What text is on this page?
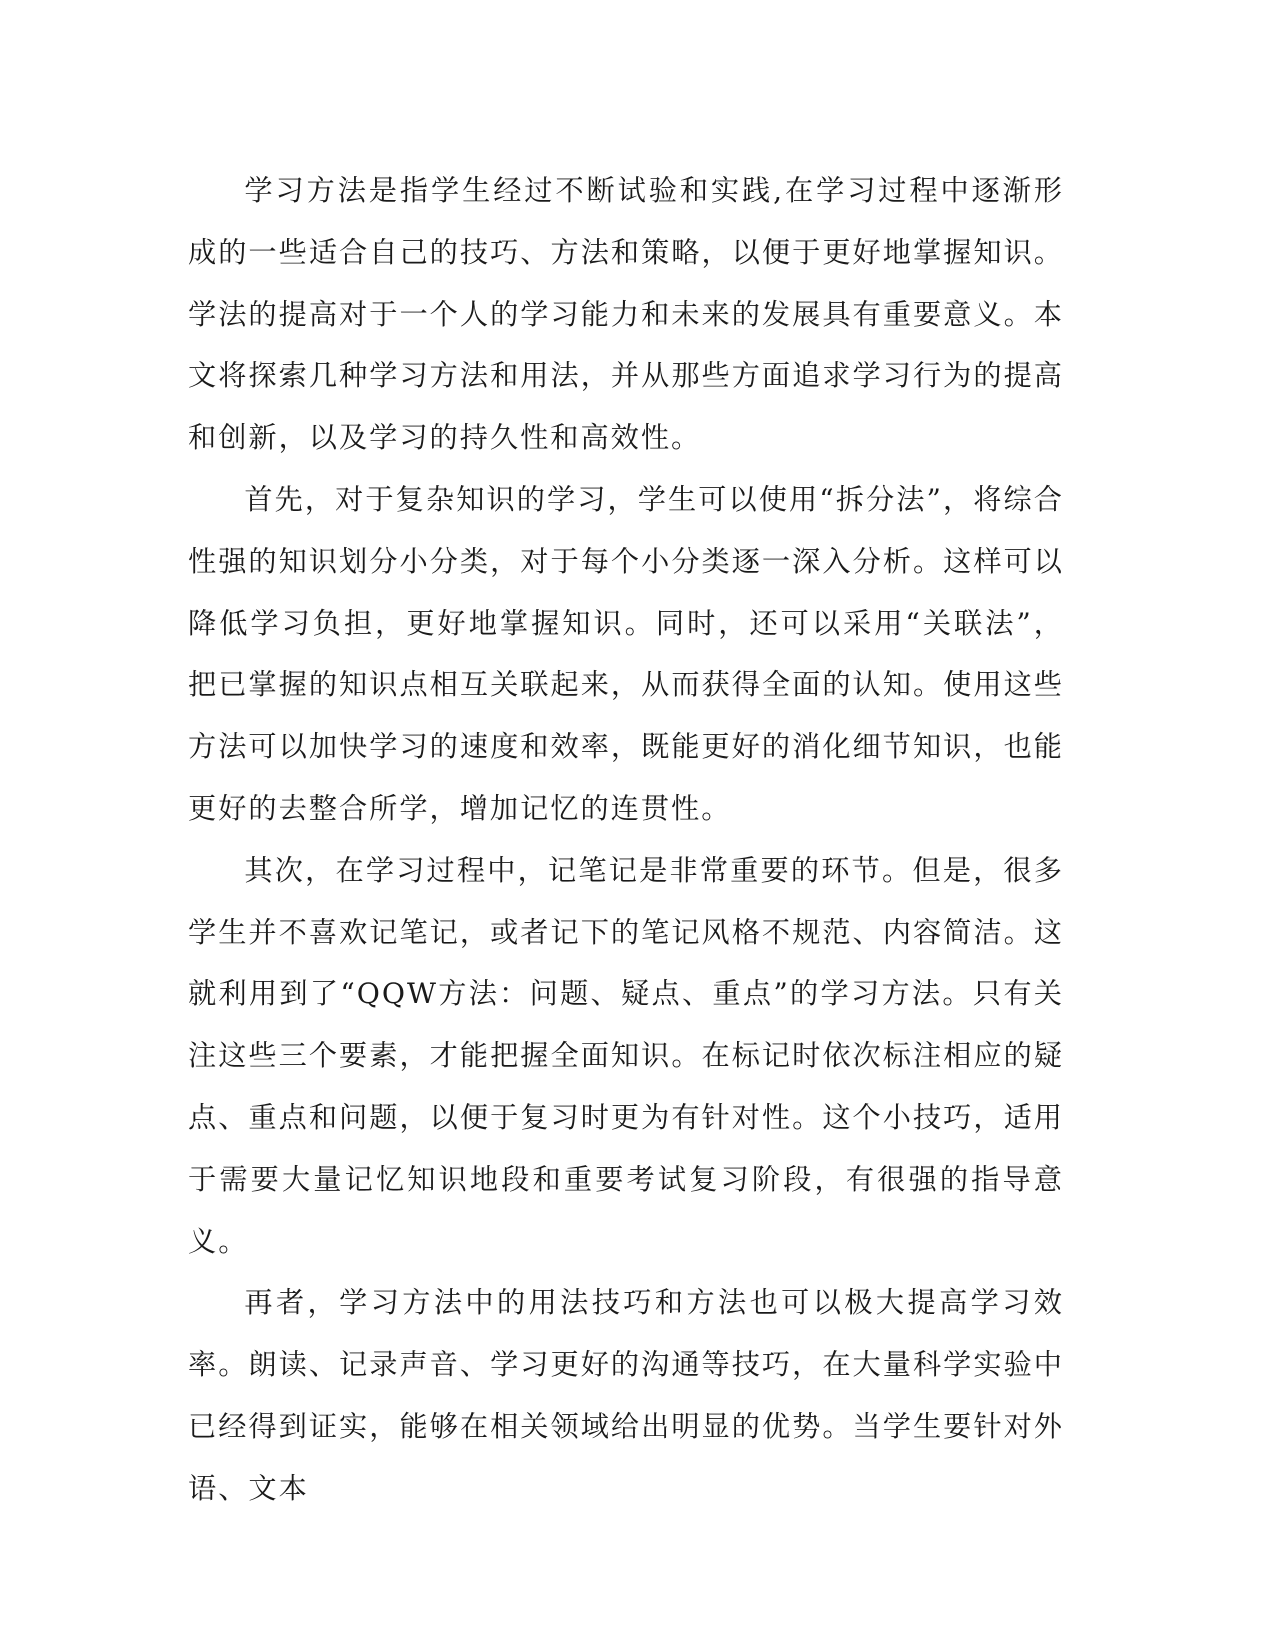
学习方法是指学生经过不断试验和实践,在学习过程中逐渐形成的一些适合自己的技巧、方法和策略，以便于更好地掌握知识。学法的提高对于一个人的学习能力和未来的发展具有重要意义。本文将探索几种学习方法和用法，并从那些方面追求学习行为的提高和创新，以及学习的持久性和高效性。

首先，对于复杂知识的学习，学生可以使用“拆分法”，将综合性强的知识划分小分类，对于每个小分类逐一深入分析。这样可以降低学习负担，更好地掌握知识。同时，还可以采用“关联法”，把已掌握的知识点相互关联起来，从而获得全面的认知。使用这些方法可以加快学习的速度和效率，既能更好的消化细节知识，也能更好的去整合所学，增加记忆的连贯性。

其次，在学习过程中，记笔记是非常重要的环节。但是，很多学生并不喜欢记笔记，或者记下的笔记风格不规范、内容简洁。这就利用到了“QQW方法：问题、疑点、重点”的学习方法。只有关注这些三个要素，才能把握全面知识。在标记时依次标注相应的疑点、重点和问题，以便于复习时更为有针对性。这个小技巧，适用于需要大量记忆知识地段和重要考试复习阶段，有很强的指导意义。

再者，学习方法中的用法技巧和方法也可以极大提高学习效率。朗读、记录声音、学习更好的沟通等技巧，在大量科学实验中已经得到证实，能够在相关领域给出明显的优势。当学生要针对外语、文本
